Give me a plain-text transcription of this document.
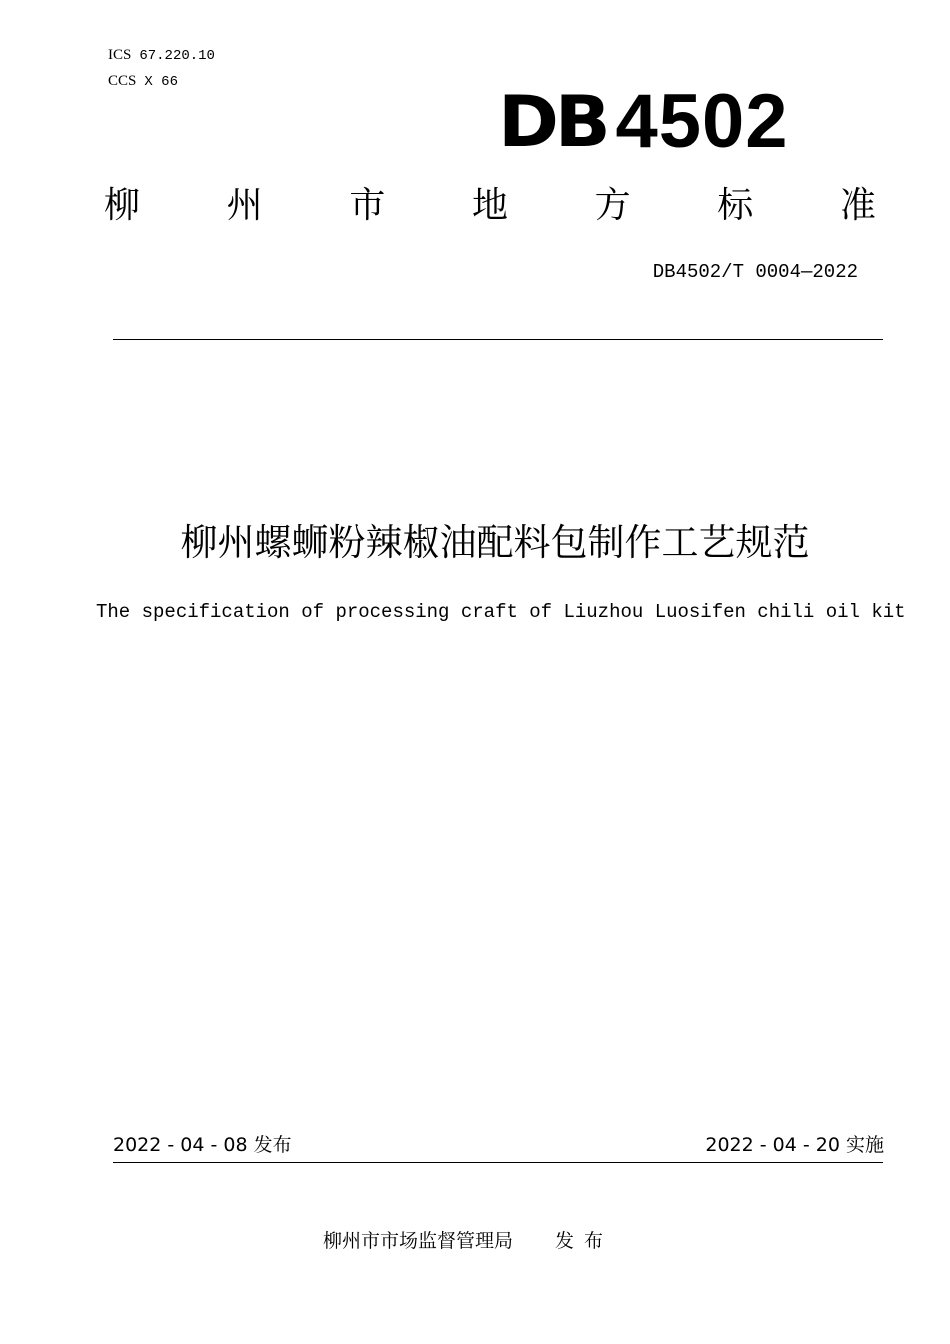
ICS 67.220.10
CCS X 66	DB 4502
柳 州 市 地 方 标 准
DB4502/T 0004—2022
柳州螺蛳粉辣椒油配料包制作工艺规范
The specification of processing craft of Liuzhou Luosifen chili oil kit
2022 - 04 - 08 发布	2022 - 04 - 20 实施
柳州市市场监督管理局 发布
